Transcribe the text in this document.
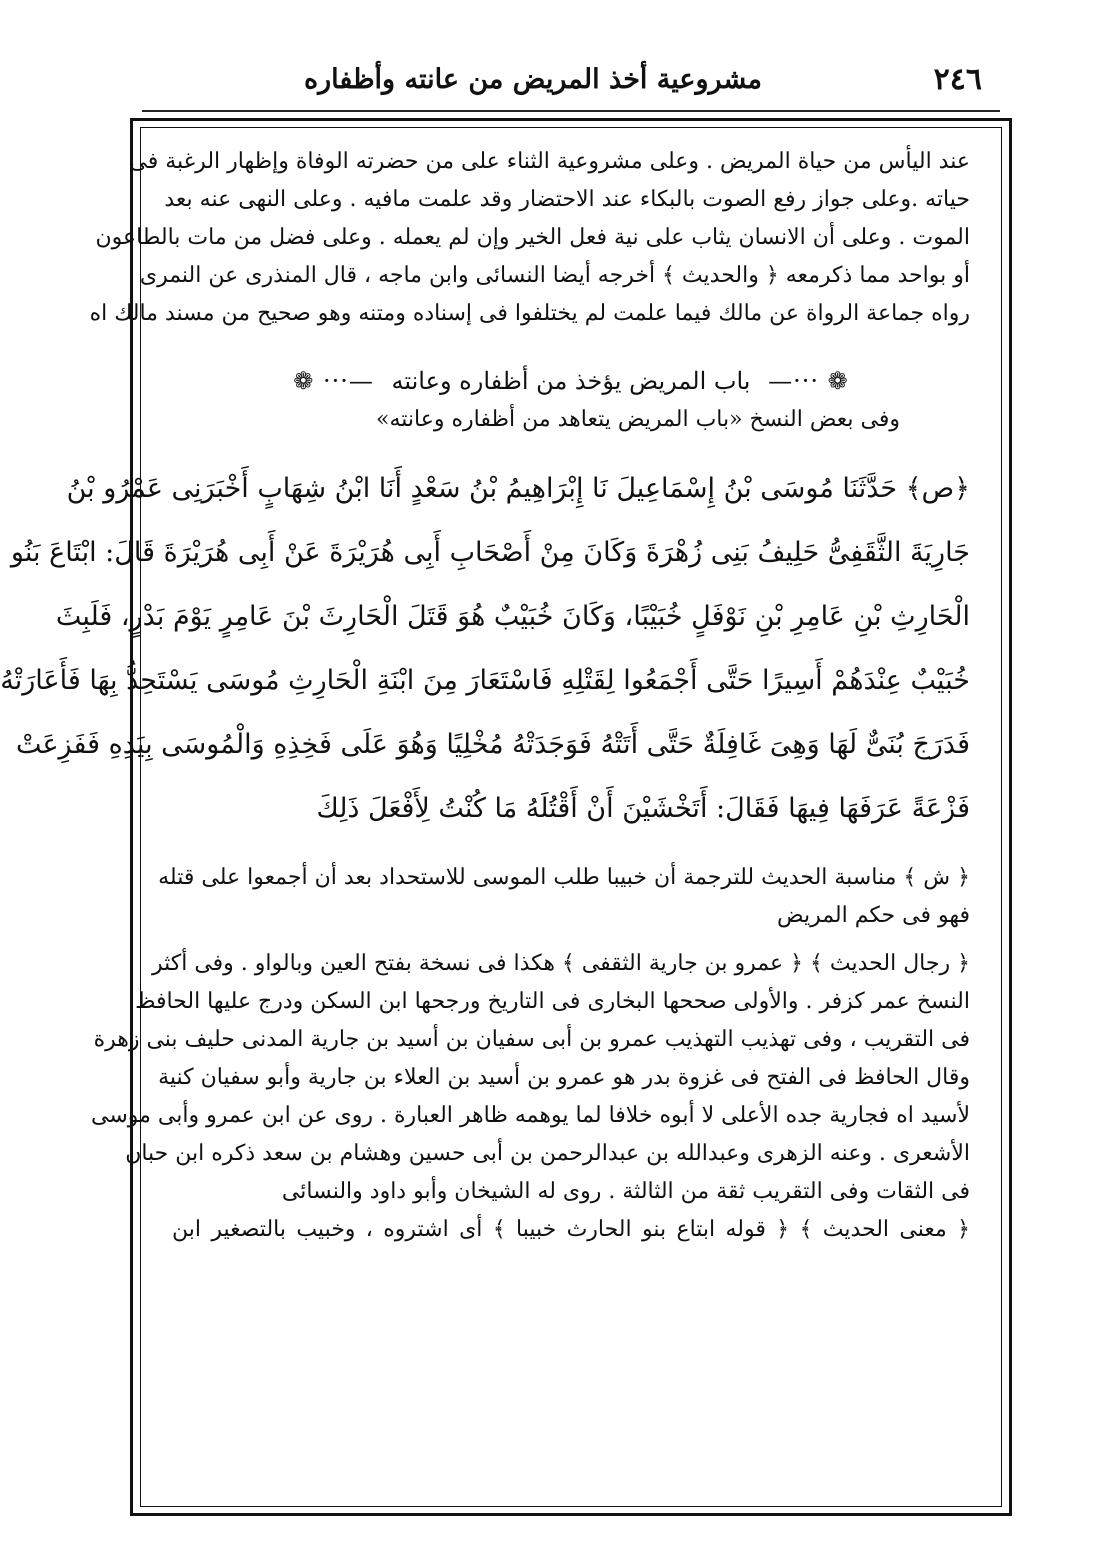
٢٤٦
مشروعية أخذ المريض من عانته وأظفاره
عند اليأس من حياة المريض . وعلى مشروعية الثناء على من حضرته الوفاة وإظهار الرغبة فى
حياته .وعلى جواز رفع الصوت بالبكاء عند الاحتضار وقد علمت مافيه . وعلى النهى عنه بعد
الموت . وعلى أن الانسان يثاب على نية فعل الخير وإن لم يعمله . وعلى فضل من مات بالطاعون
أو بواحد مما ذكرمعه ﴿ والحديث ﴾ أخرجه أيضا النسائى وابن ماجه ، قال المنذرى عن النمرى
رواه جماعة الرواة عن مالك فيما علمت لم يختلفوا فى إسناده ومتنه وهو صحيح من مسند مالك اه
❁ ···— باب المريض يؤخذ من أظفاره وعانته —··· ❁
وفى بعض النسخ «باب المريض يتعاهد من أظفاره وعانته»
﴿ص﴾ حَدَّثَنَا مُوسَى بْنُ إِسْمَاعِيلَ نَا إِبْرَاهِيمُ بْنُ سَعْدٍ أَنَا ابْنُ شِهَابٍ أَخْبَرَنِى عَمْرُو بْنُ
جَارِيَةَ الثَّقَفِىُّ حَلِيفُ بَنِى زُهْرَةَ وَكَانَ مِنْ أَصْحَابِ أَبِى هُرَيْرَةَ عَنْ أَبِى هُرَيْرَةَ قَالَ: ابْتَاعَ بَنُو
الْحَارِثِ بْنِ عَامِرِ بْنِ نَوْفَلٍ خُبَيْبًا، وَكَانَ خُبَيْبٌ هُوَ قَتَلَ الْحَارِثَ بْنَ عَامِرٍ يَوْمَ بَدْرٍ، فَلَبِثَ
خُبَيْبٌ عِنْدَهُمْ أَسِيرًا حَتَّى أَجْمَعُوا لِقَتْلِهِ فَاسْتَعَارَ مِنَ ابْنَةِ الْحَارِثِ مُوسَى يَسْتَحِدُّ بِهَا فَأَعَارَتْهُ
فَدَرَجَ بُنَىٌّ لَهَا وَهِىَ غَافِلَةٌ حَتَّى أَتَتْهُ فَوَجَدَتْهُ مُخْلِيًا وَهُوَ عَلَى فَخِذِهِ وَالْمُوسَى بِيَدِهِ فَفَزِعَتْ
فَزْعَةً عَرَفَهَا فِيهَا فَقَالَ: أَتَخْشَيْنَ أَنْ أَقْتُلَهُ مَا كُنْتُ لِأَفْعَلَ ذَلِكَ
﴿ ش ﴾ مناسبة الحديث للترجمة أن خبيبا طلب الموسى للاستحداد بعد أن أجمعوا على قتله
فهو فى حكم المريض
﴿ رجال الحديث ﴾ ﴿ عمرو بن جارية الثقفى ﴾ هكذا فى نسخة بفتح العين وبالواو . وفى أكثر
النسخ عمر كزفر . والأولى صححها البخارى فى التاريخ ورجحها ابن السكن ودرج عليها الحافظ
فى التقريب ، وفى تهذيب التهذيب عمرو بن أبى سفيان بن أسيد بن جارية المدنى حليف بنى زهرة
وقال الحافظ فى الفتح فى غزوة بدر هو عمرو بن أسيد بن العلاء بن جارية وأبو سفيان كنية
لأسيد اه فجارية جده الأعلى لا أبوه خلافا لما يوهمه ظاهر العبارة . روى عن ابن عمرو وأبى موسى
الأشعرى . وعنه الزهرى وعبدالله بن عبدالرحمن بن أبى حسين وهشام بن سعد ذكره ابن حبان
فى الثقات وفى التقريب ثقة من الثالثة . روى له الشيخان وأبو داود والنسائى
﴿ معنى الحديث ﴾ ﴿ قوله ابتاع بنو الحارث خبيبا ﴾ أى اشتروه ، وخبيب بالتصغير ابن
